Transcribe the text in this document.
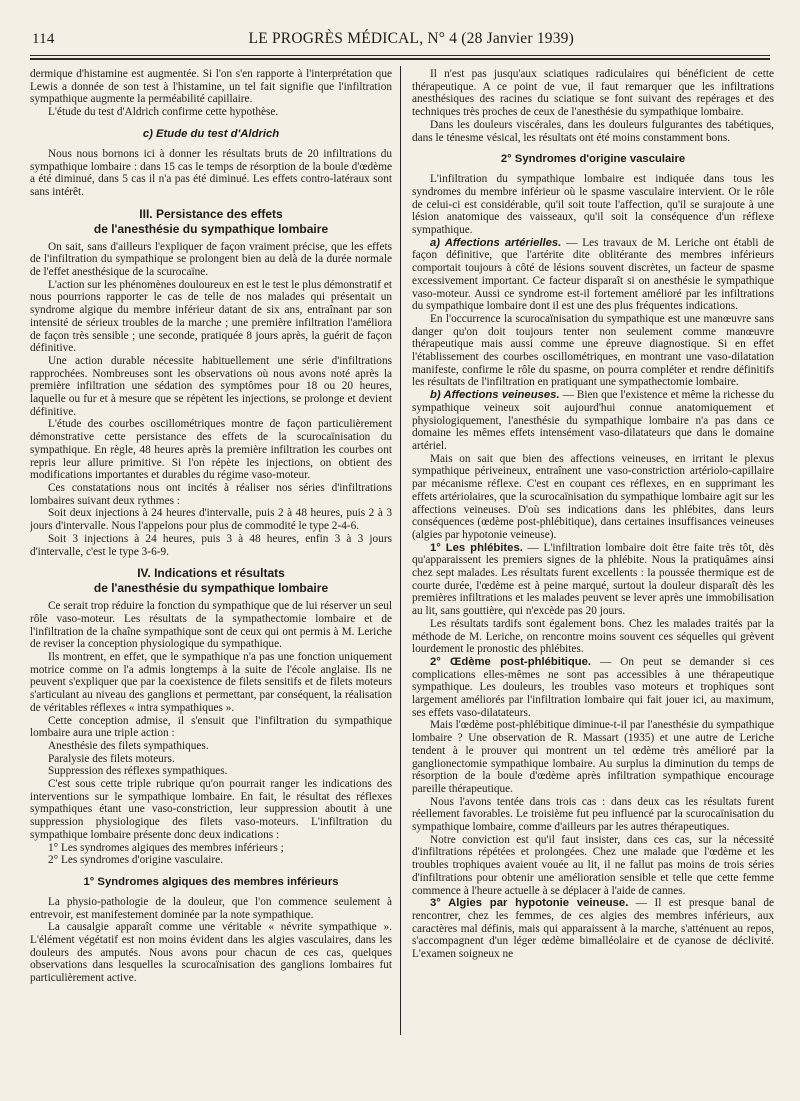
114	LE PROGRÈS MÉDICAL, N° 4 (28 Janvier 1939)

dermique d'histamine est augmentée. Si l'on s'en rapporte à l'interprétation que Lewis a donnée de son test à l'histamine, un tel fait signifie que l'infiltration sympathique augmente la perméabilité capillaire.

L'étude du test d'Aldrich confirme cette hypothèse.

c) Etude du test d'Aldrich

Nous nous bornons ici à donner les résultats bruts de 20 infiltrations du sympathique lombaire : dans 15 cas le temps de résorption de la boule d'œdème a été diminué, dans 5 cas il n'a pas été diminué. Les effets contro-latéraux sont sans intérêt.

III. Persistance des effets
de l'anesthésie du sympathique lombaire

On sait, sans d'ailleurs l'expliquer de façon vraiment précise, que les effets de l'infiltration du sympathique se prolongent bien au delà de la durée normale de l'effet anesthésique de la scurocaïne.

L'action sur les phénomènes douloureux en est le test le plus démonstratif et nous pourrions rapporter le cas de telle de nos malades qui présentait un syndrome algique du membre inférieur datant de six ans, entraînant par son intensité de sérieux troubles de la marche ; une première infiltration l'améliora de façon très sensible ; une seconde, pratiquée 8 jours après, la guérit de façon définitive.

Une action durable nécessite habituellement une série d'infiltrations rapprochées. Nombreuses sont les observations où nous avons noté après la première infiltration une sédation des symptômes pour 18 ou 20 heures, laquelle ou fur et à mesure que se répètent les injections, se prolonge et devient définitive.

L'étude des courbes oscillométriques montre de façon particulièrement démonstrative cette persistance des effets de la scurocaïnisation du sympathique. En règle, 48 heures après la première infiltration les courbes ont repris leur allure primitive. Si l'on répète les injections, on obtient des modifications importantes et durables du régime vaso-moteur.

Ces constatations nous ont incités à réaliser nos séries d'infiltrations lombaires suivant deux rythmes :

Soit deux injections à 24 heures d'intervalle, puis 2 à 48 heures, puis 2 à 3 jours d'intervalle. Nous l'appelons pour plus de commodité le type 2-4-6.

Soit 3 injections à 24 heures, puis 3 à 48 heures, enfin 3 à 3 jours d'intervalle, c'est le type 3-6-9.

IV. Indications et résultats
de l'anesthésie du sympathique lombaire

Ce serait trop réduire la fonction du sympathique que de lui réserver un seul rôle vaso-moteur. Les résultats de la sympathectomie lombaire et de l'infiltration de la chaîne sympathique sont de ceux qui ont permis à M. Leriche de reviser la conception physiologique du sympathique.

Ils montrent, en effet, que le sympathique n'a pas une fonction uniquement motrice comme on l'a admis longtemps à la suite de l'école anglaise. Ils ne peuvent s'expliquer que par la coexistence de filets sensitifs et de filets moteurs s'articulant au niveau des ganglions et permettant, par conséquent, la réalisation de véritables réflexes « intra sympathiques ».

Cette conception admise, il s'ensuit que l'infiltration du sympathique lombaire aura une triple action :

Anesthésie des filets sympathiques.

Paralysie des filets moteurs.

Suppression des réflexes sympathiques.

C'est sous cette triple rubrique qu'on pourrait ranger les indications des interventions sur le sympathique lombaire. En fait, le résultat des réflexes sympathiques étant une vaso-constriction, leur suppression aboutit à une suppression physiologique des filets vaso-moteurs. L'infiltration du sympathique lombaire présente donc deux indications :

1° Les syndromes algiques des membres inférieurs ;

2° Les syndromes d'origine vasculaire.

1° Syndromes algiques des membres inférieurs

La physio-pathologie de la douleur, que l'on commence seulement à entrevoir, est manifestement dominée par la note sympathique.

La causalgie apparaît comme une véritable « névrite sympathique ». L'élément végétatif est non moins évident dans les algies vasculaires, dans les douleurs des amputés. Nous avons pour chacun de ces cas, quelques observations dans lesquelles la scurocaïnisation des ganglions lombaires fut particulièrement active.

Il n'est pas jusqu'aux sciatiques radiculaires qui bénéficient de cette thérapeutique. A ce point de vue, il faut remarquer que les infiltrations anesthésiques des racines du sciatique se font suivant des repérages et des techniques très proches de ceux de l'anesthésie du sympathique lombaire.

Dans les douleurs viscérales, dans les douleurs fulgurantes des tabétiques, dans le ténesme vésical, les résultats ont été moins constamment bons.

2° Syndromes d'origine vasculaire

L'infiltration du sympathique lombaire est indiquée dans tous les syndromes du membre inférieur où le spasme vasculaire intervient. Or le rôle de celui-ci est considérable, qu'il soit toute l'affection, qu'il se surajoute à une lésion anatomique des vaisseaux, qu'il soit la conséquence d'un réflexe sympathique.

a) Affections artérielles. — Les travaux de M. Leriche ont établi de façon définitive, que l'artérite dite oblitérante des membres inférieurs comportait toujours à côté de lésions souvent discrètes, un facteur de spasme excessivement important. Ce facteur disparaît si on anesthésie le sympathique vaso-moteur. Aussi ce syndrome est-il fortement amélioré par les infiltrations du sympathique lombaire dont il est une des plus fréquentes indications.

En l'occurrence la scurocaïnisation du sympathique est une manœuvre sans danger qu'on doit toujours tenter non seulement comme manœuvre thérapeutique mais aussi comme une épreuve diagnostique. Si en effet l'établissement des courbes oscillométriques, en montrant une vaso-dilatation manifeste, confirme le rôle du spasme, on pourra compléter et rendre définitifs les résultats de l'infiltration en pratiquant une sympathectomie lombaire.

b) Affections veineuses. — Bien que l'existence et même la richesse du sympathique veineux soit aujourd'hui connue anatomiquement et physiologiquement, l'anesthésie du sympathique lombaire n'a pas dans ce domaine les mêmes effets intensément vaso-dilatateurs que dans le domaine artériel.

Mais on sait que bien des affections veineuses, en irritant le plexus sympathique périveineux, entraînent une vaso-constriction artériolo-capillaire par mécanisme réflexe. C'est en coupant ces réflexes, en en supprimant les effets artériolaires, que la scurocaïnisation du sympathique lombaire agit sur les affections veineuses. D'où ses indications dans les phlébites, dans leurs conséquences (œdème post-phlébitique), dans certaines insuffisances veineuses (algies par hypotonie veineuse).

1° Les phlébites. — L'infiltration lombaire doit être faite très tôt, dès qu'apparaissent les premiers signes de la phlébite. Nous la pratiquâmes ainsi chez sept malades. Les résultats furent excellents : la poussée thermique est de courte durée, l'œdème est à peine marqué, surtout la douleur disparaît dès les premières infiltrations et les malades peuvent se lever après une immobilisation au lit, sans gouttière, qui n'excède pas 20 jours.

Les résultats tardifs sont également bons. Chez les malades traités par la méthode de M. Leriche, on rencontre moins souvent ces séquelles qui grèvent lourdement le pronostic des phlébites.

2° Œdème post-phlébitique. — On peut se demander si ces complications elles-mêmes ne sont pas accessibles à une thérapeutique sympathique. Les douleurs, les troubles vaso moteurs et trophiques sont largement améliorés par l'infiltration lombaire qui fait jouer ici, au maximum, ses effets vaso-dilatateurs.

Mais l'œdème post-phlébitique diminue-t-il par l'anesthésie du sympathique lombaire ? Une observation de R. Massart (1935) et une autre de Leriche tendent à le prouver qui montrent un tel œdème très amélioré par la ganglionectomie sympathique lombaire. Au surplus la diminution du temps de résorption de la boule d'œdème après infiltration sympathique encourage pareille thérapeutique.

Nous l'avons tentée dans trois cas : dans deux cas les résultats furent réellement favorables. Le troisième fut peu influencé par la scurocaïnisation du sympathique lombaire, comme d'ailleurs par les autres thérapeutiques.

Notre conviction est qu'il faut insister, dans ces cas, sur la nécessité d'infiltrations répétées et prolongées. Chez une malade que l'œdème et les troubles trophiques avaient vouée au lit, il ne fallut pas moins de trois séries d'infiltrations pour obtenir une amélioration sensible et telle que cette femme commence à l'heure actuelle à se déplacer à l'aide de cannes.

3° Algies par hypotonie veineuse. — Il est presque banal de rencontrer, chez les femmes, de ces algies des membres inférieurs, aux caractères mal définis, mais qui apparaissent à la marche, s'atténuent au repos, s'accompagnent d'un léger œdème bimalléolaire et de cyanose de déclivité. L'examen soigneux ne
